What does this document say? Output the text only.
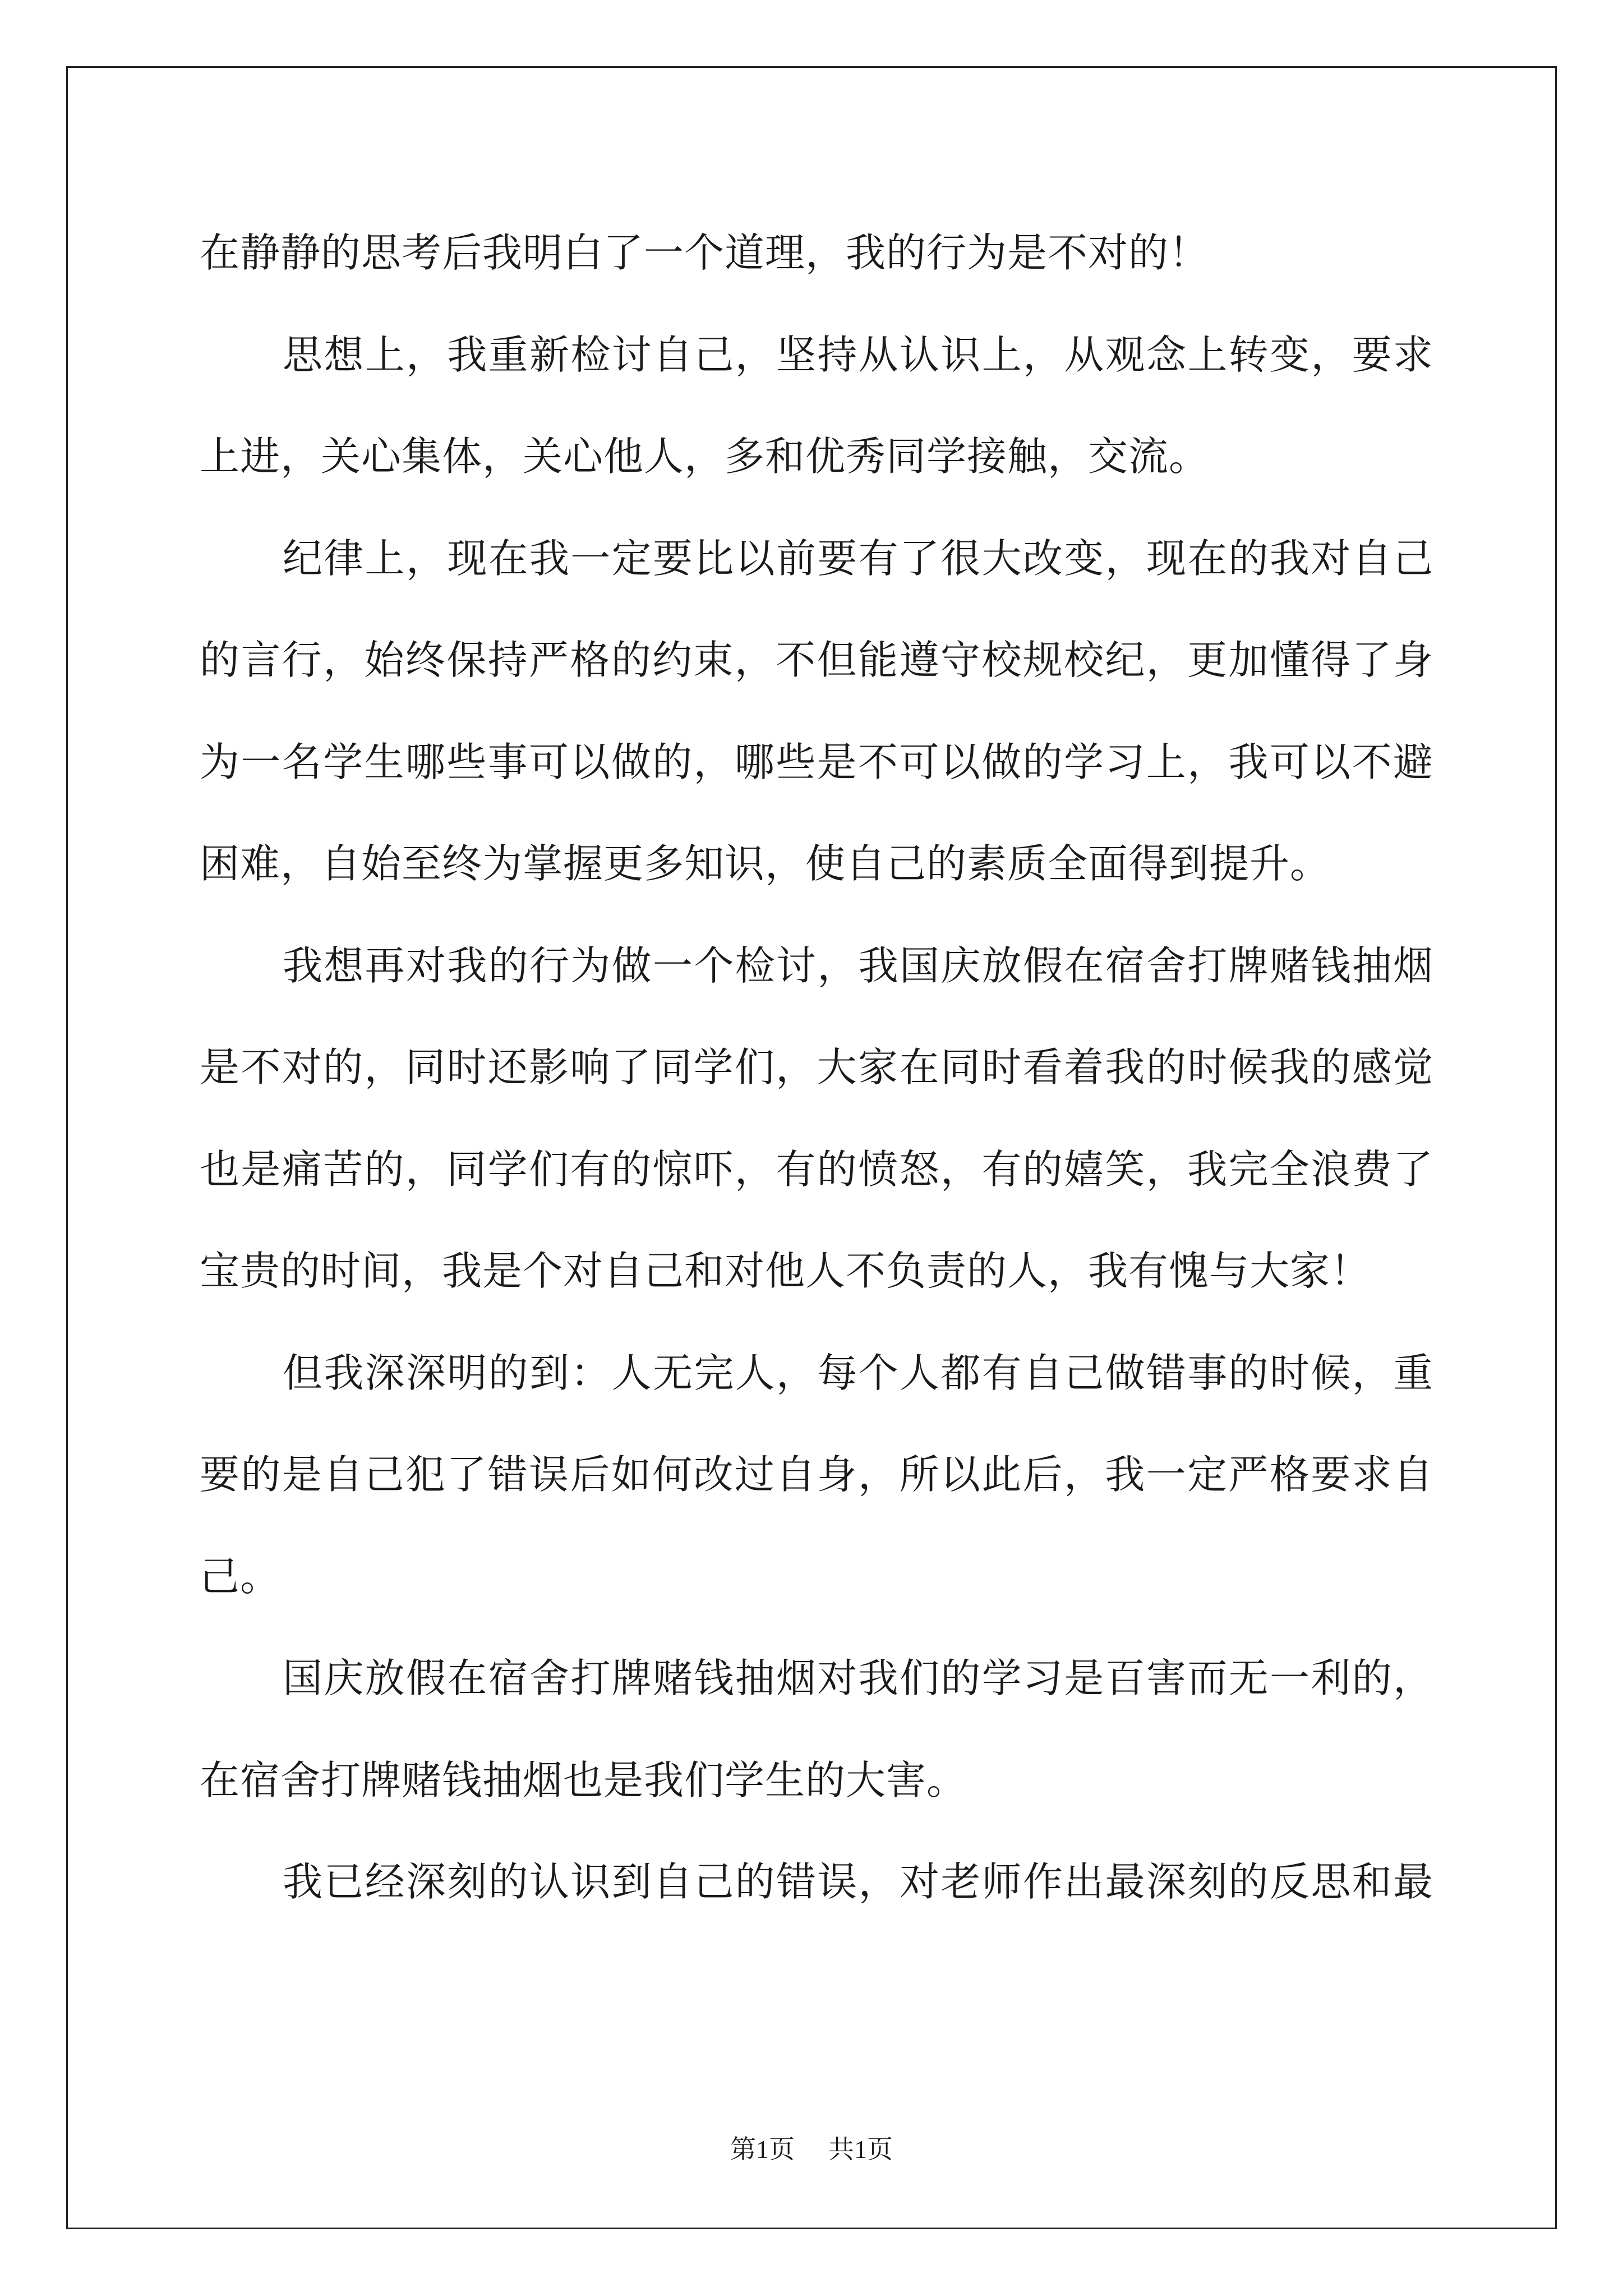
在静静的思考后我明白了一个道理，我的行为是不对的！
思想上，我重新检讨自己，坚持从认识上，从观念上转变，要求
上进，关心集体，关心他人，多和优秀同学接触，交流。
纪律上，现在我一定要比以前要有了很大改变，现在的我对自己
的言行，始终保持严格的约束，不但能遵守校规校纪，更加懂得了身
为一名学生哪些事可以做的，哪些是不可以做的学习上，我可以不避
困难，自始至终为掌握更多知识，使自己的素质全面得到提升。
我想再对我的行为做一个检讨，我国庆放假在宿舍打牌赌钱抽烟
是不对的，同时还影响了同学们，大家在同时看着我的时候我的感觉
也是痛苦的，同学们有的惊吓，有的愤怒，有的嬉笑，我完全浪费了
宝贵的时间，我是个对自己和对他人不负责的人，我有愧与大家！
但我深深明的到：人无完人，每个人都有自己做错事的时候，重
要的是自己犯了错误后如何改过自身，所以此后，我一定严格要求自
己。
国庆放假在宿舍打牌赌钱抽烟对我们的学习是百害而无一利的，
在宿舍打牌赌钱抽烟也是我们学生的大害。
我已经深刻的认识到自己的错误，对老师作出最深刻的反思和最
第1页 共1页
